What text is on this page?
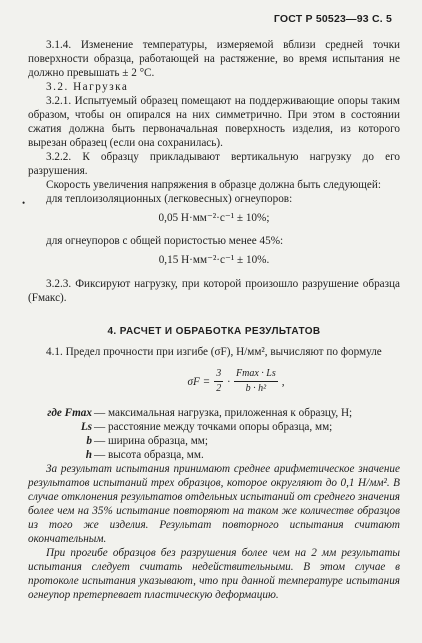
ГОСТ Р 50523—93 С. 5
•

3.1.4. Изменение температуры, измеряемой вблизи средней точки поверхности образца, работающей на растяжение, во время испытания не должно превышать ± 2 °С.

3.2. Нагрузка

3.2.1. Испытуемый образец помещают на поддерживающие опоры таким образом, чтобы он опирался на них симметрично. При этом в состоянии сжатия должна быть первоначальная поверхность изделия, из которого вырезан образец (если она сохранилась).

3.2.2. К образцу прикладывают вертикальную нагрузку до его разрушения.

Скорость увеличения напряжения в образце должна быть следующей:

для теплоизоляционных (легковесных) огнеупоров:

0,05 Н·мм⁻²·с⁻¹ ± 10%;

для огнеупоров с общей пористостью менее 45%:

0,15 Н·мм⁻²·с⁻¹ ± 10%.

3.2.3. Фиксируют нагрузку, при которой произошло разрушение образца (Fмакс).

4. РАСЧЕТ И ОБРАБОТКА РЕЗУЛЬТАТОВ

4.1. Предел прочности при изгибе (σF), Н/мм², вычисляют по формуле

$\sigma F = \frac{3}{2} \cdot \frac{Fmax \cdot Ls}{\text{b · h²}}$ ,
где Fmax — максимальная нагрузка, приложенная к образцу, Н;
Ls — расстояние между точками опоры образца, мм;
b — ширина образца, мм;
h — высота образца, мм.

За результат испытания принимают среднее арифметическое значение результатов испытаний трех образцов, которое округляют до 0,1 Н/мм². В случае отклонения результатов отдельных испытаний от среднего значения более чем на 35% испытание повторяют на таком же количестве образцов из того же изделия. Результат повторного испытания считают окончательным.

При прогибе образцов без разрушения более чем на 2 мм результаты испытания следует считать недействительными. В этом случае в протоколе испытания указывают, что при данной температуре испытания огнеупор претерпевает пластическую деформацию.
